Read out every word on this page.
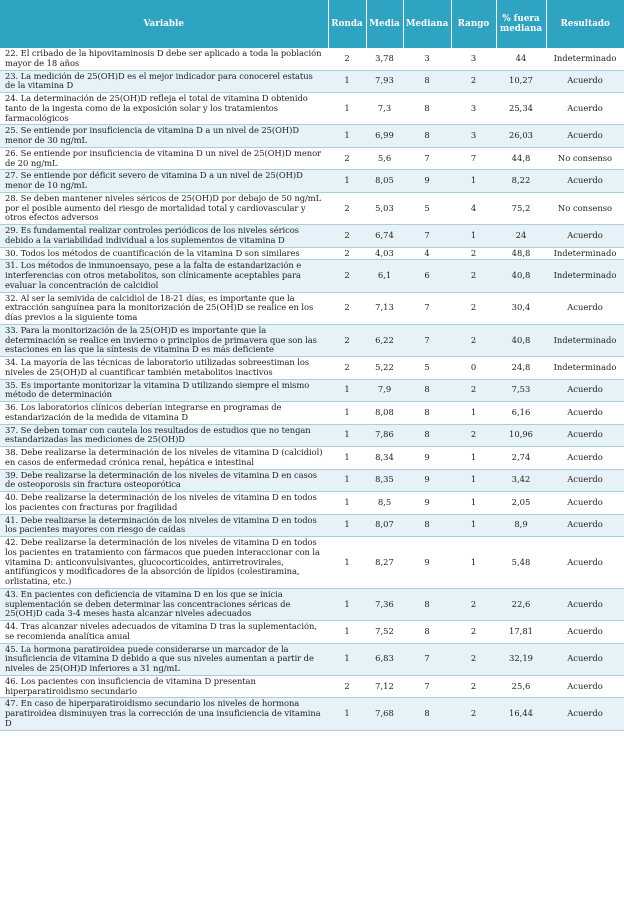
Variable	Ronda	Media	Mediana	Rango	% fuera mediana	Resultado
22. El cribado de la hipovitaminosis D debe ser aplicado a toda la población mayor de 18 años	2	3,78	3	3	44	Indeterminado
23. La medición de 25(OH)D es el mejor indicador para conocerel estatus de la vitamina D	1	7,93	8	2	10,27	Acuerdo
24. La determinación de 25(OH)D refleja el total de vitamina D obtenido tanto de la ingesta como de la exposición solar y los tratamientos farmacológicos	1	7,3	8	3	25,34	Acuerdo
25. Se entiende por insuficiencia de vitamina D a un nivel de 25(OH)D menor de 30 ng/mL	1	6,99	8	3	26,03	Acuerdo
26. Se entiende por insuficiencia de vitamina D un nivel de 25(OH)D menor de 20 ng/mL	2	5,6	7	7	44,8	No consenso
27. Se entiende por déficit severo de vitamina D a un nivel de 25(OH)D menor de 10 ng/mL	1	8,05	9	1	8,22	Acuerdo
28. Se deben mantener niveles séricos de 25(OH)D por debajo de 50 ng/mL por el posible aumento del riesgo de mortalidad total y cardiovascular y otros efectos adversos	2	5,03	5	4	75,2	No consenso
29. Es fundamental realizar controles periódicos de los niveles séricos debido a la variabilidad individual a los suplementos de vitamina D	2	6,74	7	1	24	Acuerdo
30. Todos los métodos de cuantificación de la vitamina D son similares	2	4,03	4	2	48,8	Indeterminado
31. Los métodos de inmunoensayo, pese a la falta de estandarización e interferencias con otros metabolitos, son clínicamente aceptables para evaluar la concentración de calcidiol	2	6,1	6	2	40,8	Indeterminado
32. Al ser la semivida de calcidiol de 18-21 días, es importante que la extracción sanguínea para la monitorización de 25(OH)D se realice en los días previos a la siguiente toma	2	7,13	7	2	30,4	Acuerdo
33. Para la monitorización de la 25(OH)D es importante que la determinación se realice en invierno o principios de primavera que son las estaciones en las que la síntesis de vitamina D es más deficiente	2	6,22	7	2	40,8	Indeterminado
34. La mayoría de las técnicas de laboratorio utilizadas sobreestiman los niveles de 25(OH)D al cuantificar también metabolitos inactivos	2	5,22	5	0	24,8	Indeterminado
35. Es importante monitorizar la vitamina D utilizando siempre el mismo método de determinación	1	7,9	8	2	7,53	Acuerdo
36. Los laboratorios clínicos deberían integrarse en programas de estandarización de la medida de vitamina D	1	8,08	8	1	6,16	Acuerdo
37. Se deben tomar con cautela los resultados de estudios que no tengan estandarizadas las mediciones de 25(OH)D	1	7,86	8	2	10,96	Acuerdo
38. Debe realizarse la determinación de los niveles de vitamina D (calcidiol) en casos de enfermedad crónica renal, hepática e intestinal	1	8,34	9	1	2,74	Acuerdo
39. Debe realizarse la determinación de los niveles de vitamina D en casos de osteoporosis sin fractura osteoporótica	1	8,35	9	1	3,42	Acuerdo
40. Debe realizarse la determinación de los niveles de vitamina D en todos los pacientes con fracturas por fragilidad	1	8,5	9	1	2,05	Acuerdo
41. Debe realizarse la determinación de los niveles de vitamina D en todos los pacientes mayores con riesgo de caídas	1	8,07	8	1	8,9	Acuerdo
42. Debe realizarse la determinación de los niveles de vitamina D en todos los pacientes en tratamiento con fármacos que pueden interaccionar con la vitamina D: anticonvulsivantes, glucocorticoides, antirretrovirales, antifúngicos y modificadores de la absorción de lípidos (colestiramina, orlistatina, etc.)	1	8,27	9	1	5,48	Acuerdo
43. En pacientes con deficiencia de vitamina D en los que se inicia suplementación se deben determinar las concentraciones séricas de 25(OH)D cada 3-4 meses hasta alcanzar niveles adecuados	1	7,36	8	2	22,6	Acuerdo
44. Tras alcanzar niveles adecuados de vitamina D tras la suplementación, se recomienda analítica anual	1	7,52	8	2	17,81	Acuerdo
45. La hormona paratiroidea puede considerarse un marcador de la insuficiencia de vitamina D debido a que sus niveles aumentan a partir de niveles de 25(OH)D inferiores a 31 ng/mL	1	6,83	7	2	32,19	Acuerdo
46. Los pacientes con insuficiencia de vitamina D presentan hiperparatiroidismo secundario	2	7,12	7	2	25,6	Acuerdo
47. En caso de hiperparatiroidismo secundario los niveles de hormona paratiroidea disminuyen tras la corrección de una insuficiencia de vitamina D	1	7,68	8	2	16,44	Acuerdo
